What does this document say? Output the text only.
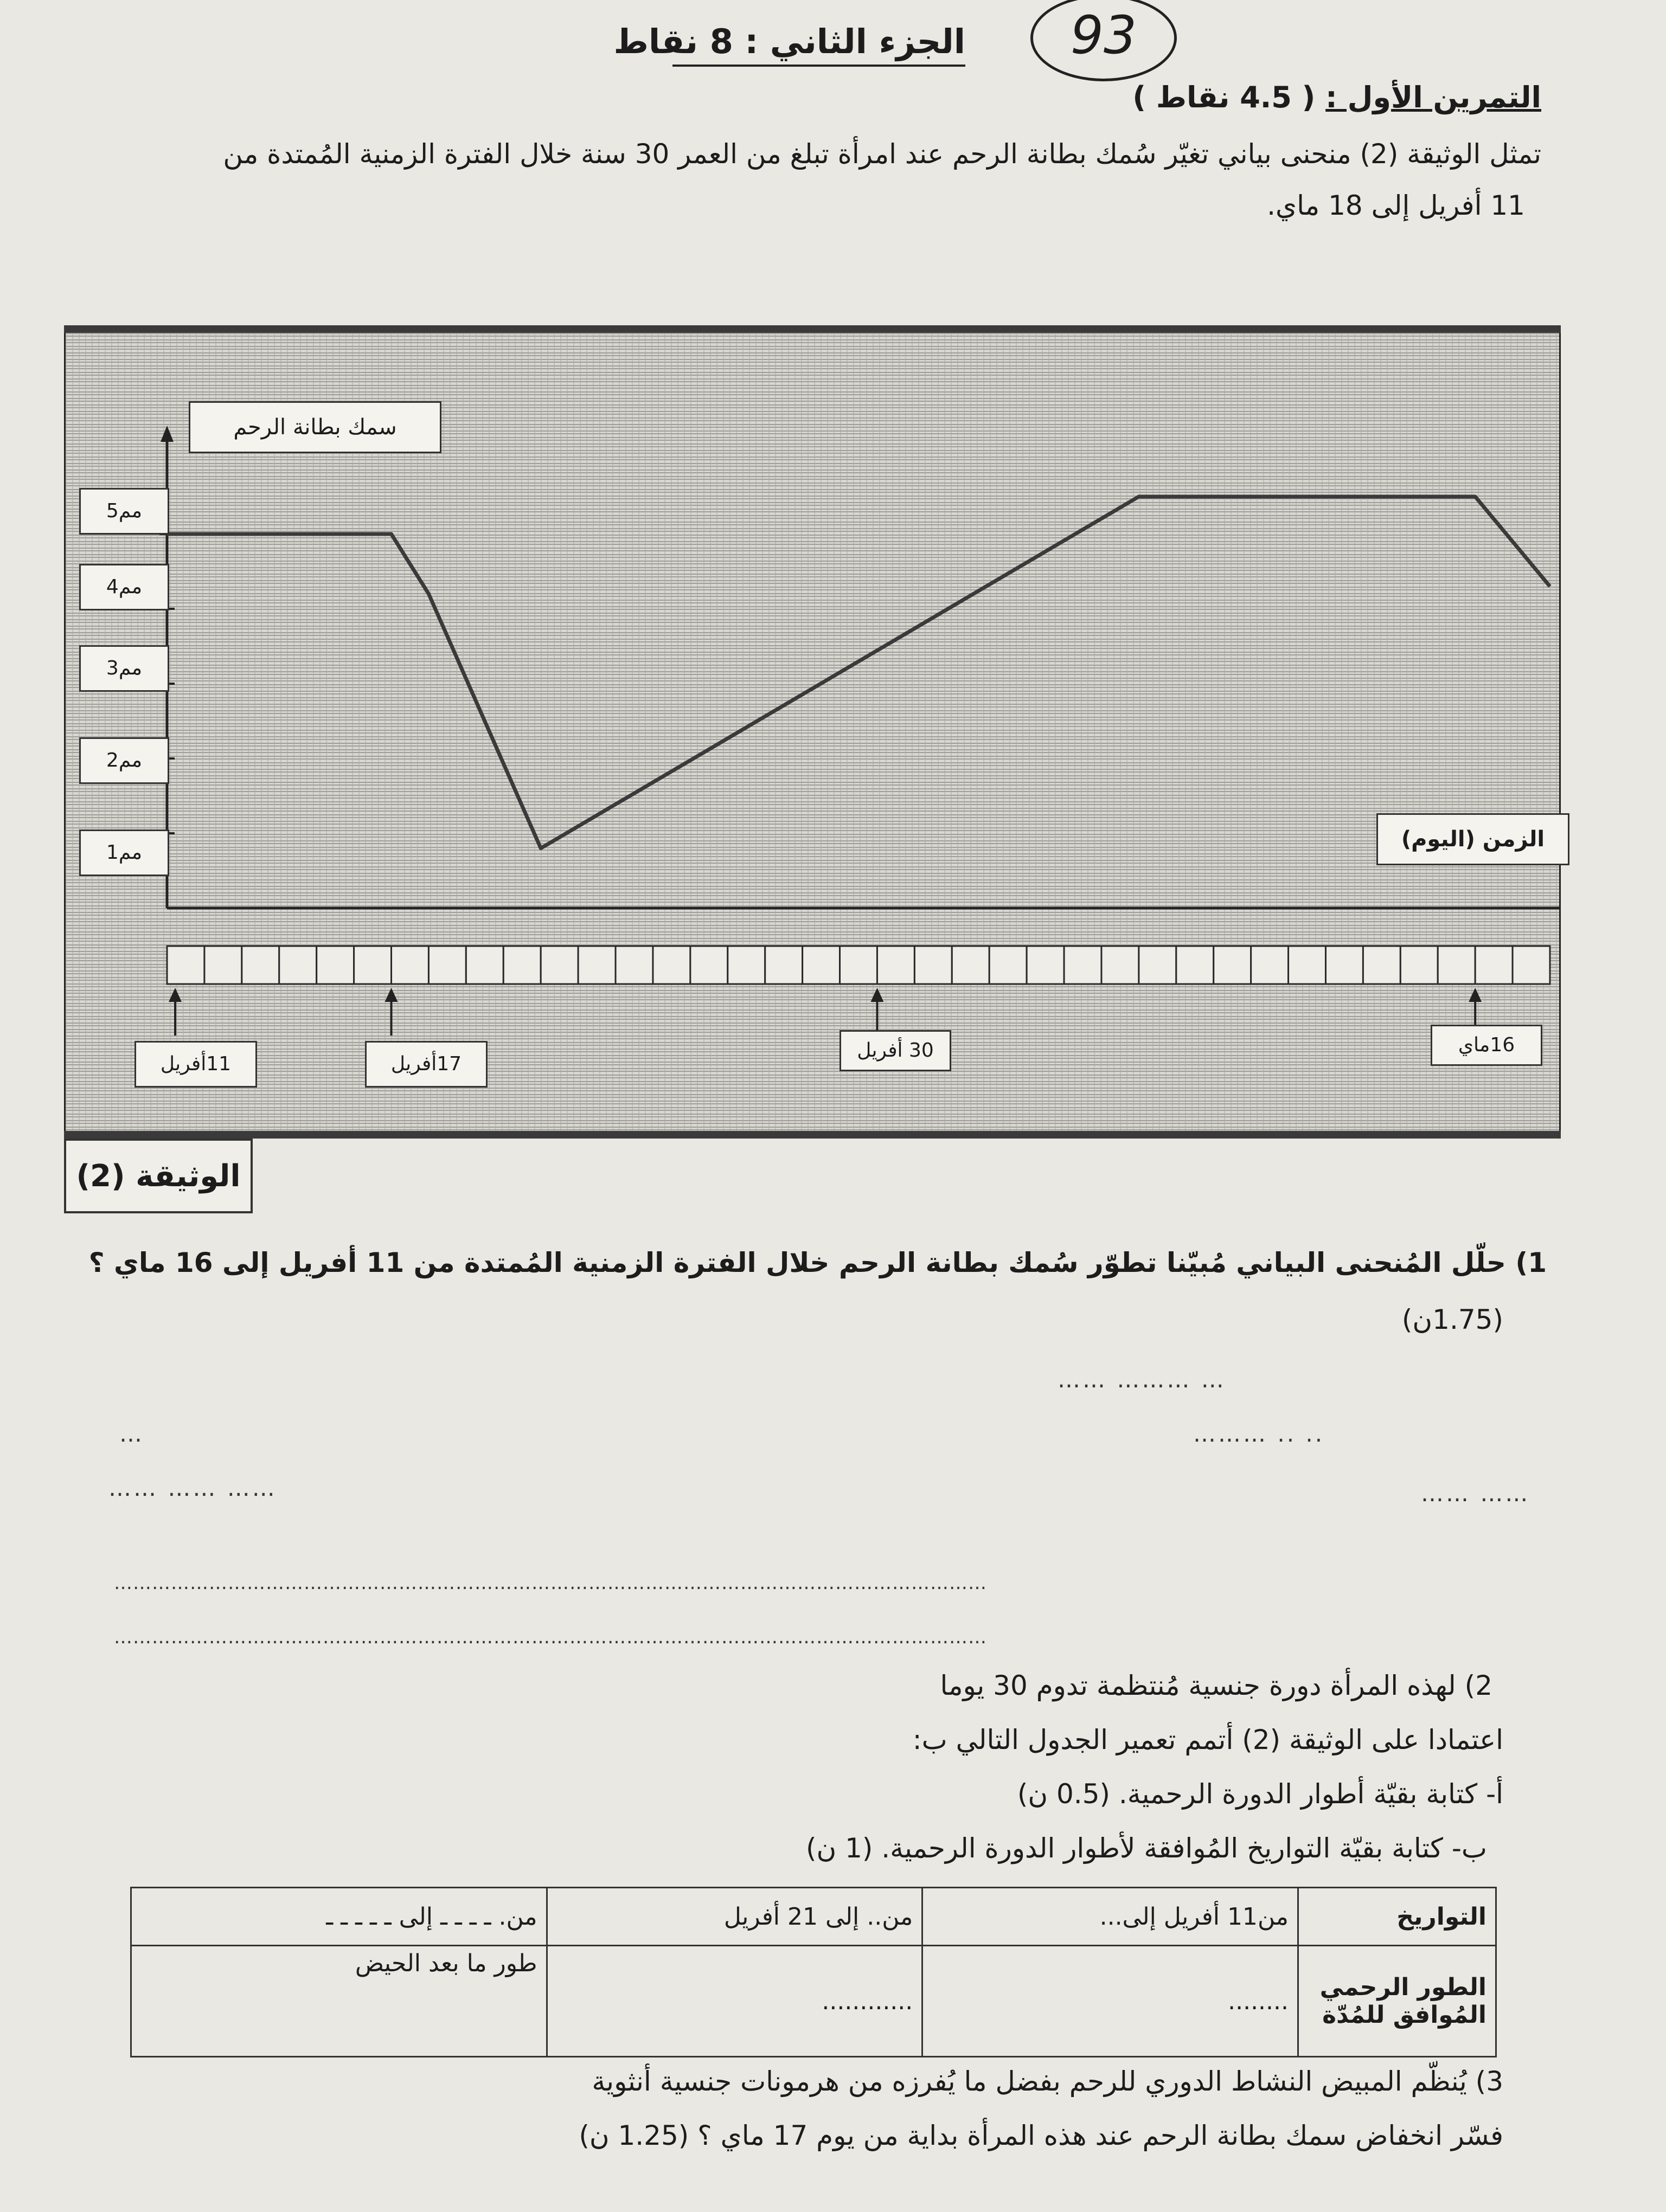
الجزء الثاني : 8 نقاط	93
التمرين الأول : ( 4.5 نقاط )
تمثل الوثيقة (2) منحنى بياني تغيّر سُمك بطانة الرحم عند امرأة تبلغ من العمر 30 سنة خلال الفترة الزمنية المُمتدة من
11 أفريل إلى 18 ماي.
سمك بطانة الرحم
الزمن (اليوم)
1مم
2مم
3مم
4مم
5مم
11أفريل	17أفريل
30 أفريل	16ماي
الوثيقة (2)
1) حلّل المُنحنى البياني مُبيّنا تطوّر سُمك بطانة الرحم خلال الفترة الزمنية المُمتدة من 11 أفريل إلى 16 ماي ؟
(1.75ن)
…… ……… …
……… .. ..
…
…… ……
…… …… ……
…………………………………………………………………………………………………………………………
…………………………………………………………………………………………………………………………
2) لهذه المرأة دورة جنسية مُنتظمة تدوم 30 يوما
اعتمادا على الوثيقة (2) أتمم تعمير الجدول التالي ب:
أ- كتابة بقيّة أطوار الدورة الرحمية. (0.5 ن)
ب- كتابة بقيّة التواريخ المُوافقة لأطوار الدورة الرحمية. (1 ن)
التواريخ	من11 أفريل إلى...	من.. إلى 21 أفريل	من. ـ ـ ـ ـ إلى ـ ـ ـ ـ ـ
الطور الرحمي المُوافق للمُدّة	........	............	طور ما بعد الحيض
3) يُنظّم المبيض النشاط الدوري للرحم بفضل ما يُفرزه من هرمونات جنسية أنثوية
فسّر انخفاض سمك بطانة الرحم عند هذه المرأة بداية من يوم 17 ماي ؟ (1.25 ن)
